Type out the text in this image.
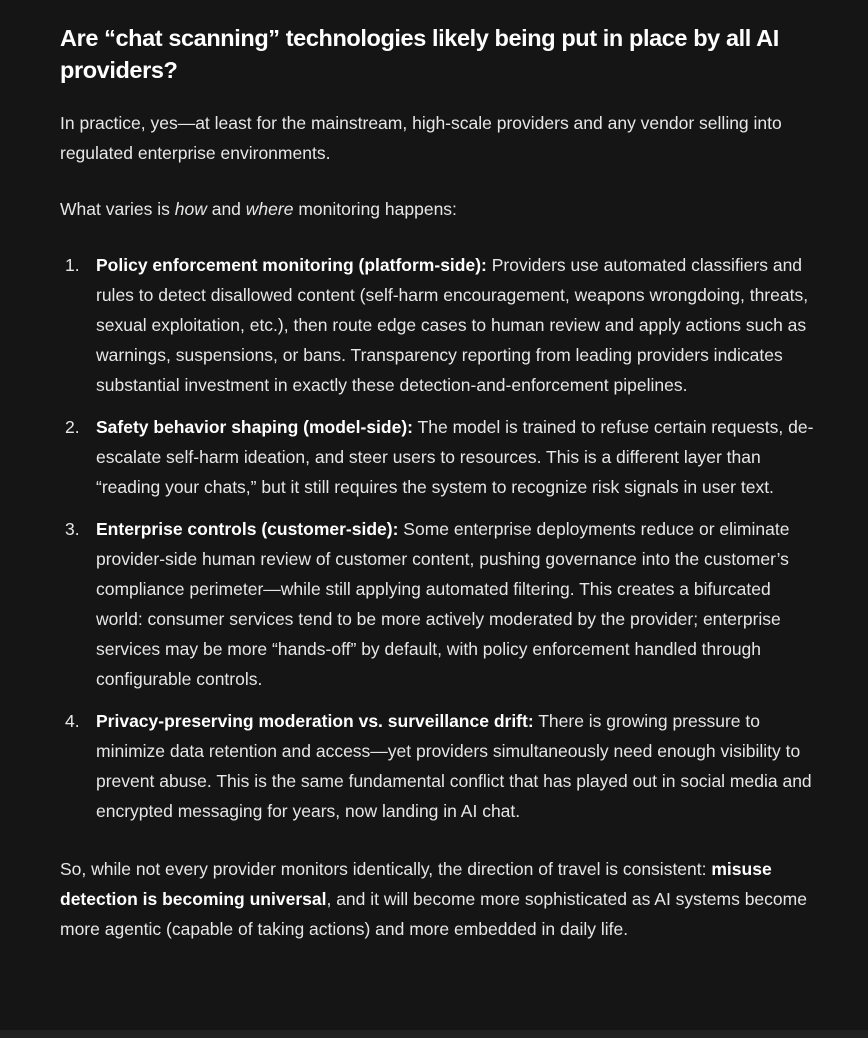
Are “chat scanning” technologies likely being put in place by all AI providers?

In practice, yes—at least for the mainstream, high-scale providers and any vendor selling into regulated enterprise environments.

What varies is how and where monitoring happens:

1. Policy enforcement monitoring (platform-side): Providers use automated classifiers and rules to detect disallowed content (self-harm encouragement, weapons wrongdoing, threats, sexual exploitation, etc.), then route edge cases to human review and apply actions such as warnings, suspensions, or bans. Transparency reporting from leading providers indicates substantial investment in exactly these detection-and-enforcement pipelines.
2. Safety behavior shaping (model-side): The model is trained to refuse certain requests, de-escalate self-harm ideation, and steer users to resources. This is a different layer than “reading your chats,” but it still requires the system to recognize risk signals in user text.
3. Enterprise controls (customer-side): Some enterprise deployments reduce or eliminate provider-side human review of customer content, pushing governance into the customer’s compliance perimeter—while still applying automated filtering. This creates a bifurcated world: consumer services tend to be more actively moderated by the provider; enterprise services may be more “hands-off” by default, with policy enforcement handled through configurable controls.
4. Privacy-preserving moderation vs. surveillance drift: There is growing pressure to minimize data retention and access—yet providers simultaneously need enough visibility to prevent abuse. This is the same fundamental conflict that has played out in social media and encrypted messaging for years, now landing in AI chat.

So, while not every provider monitors identically, the direction of travel is consistent: misuse detection is becoming universal, and it will become more sophisticated as AI systems become more agentic (capable of taking actions) and more embedded in daily life.
